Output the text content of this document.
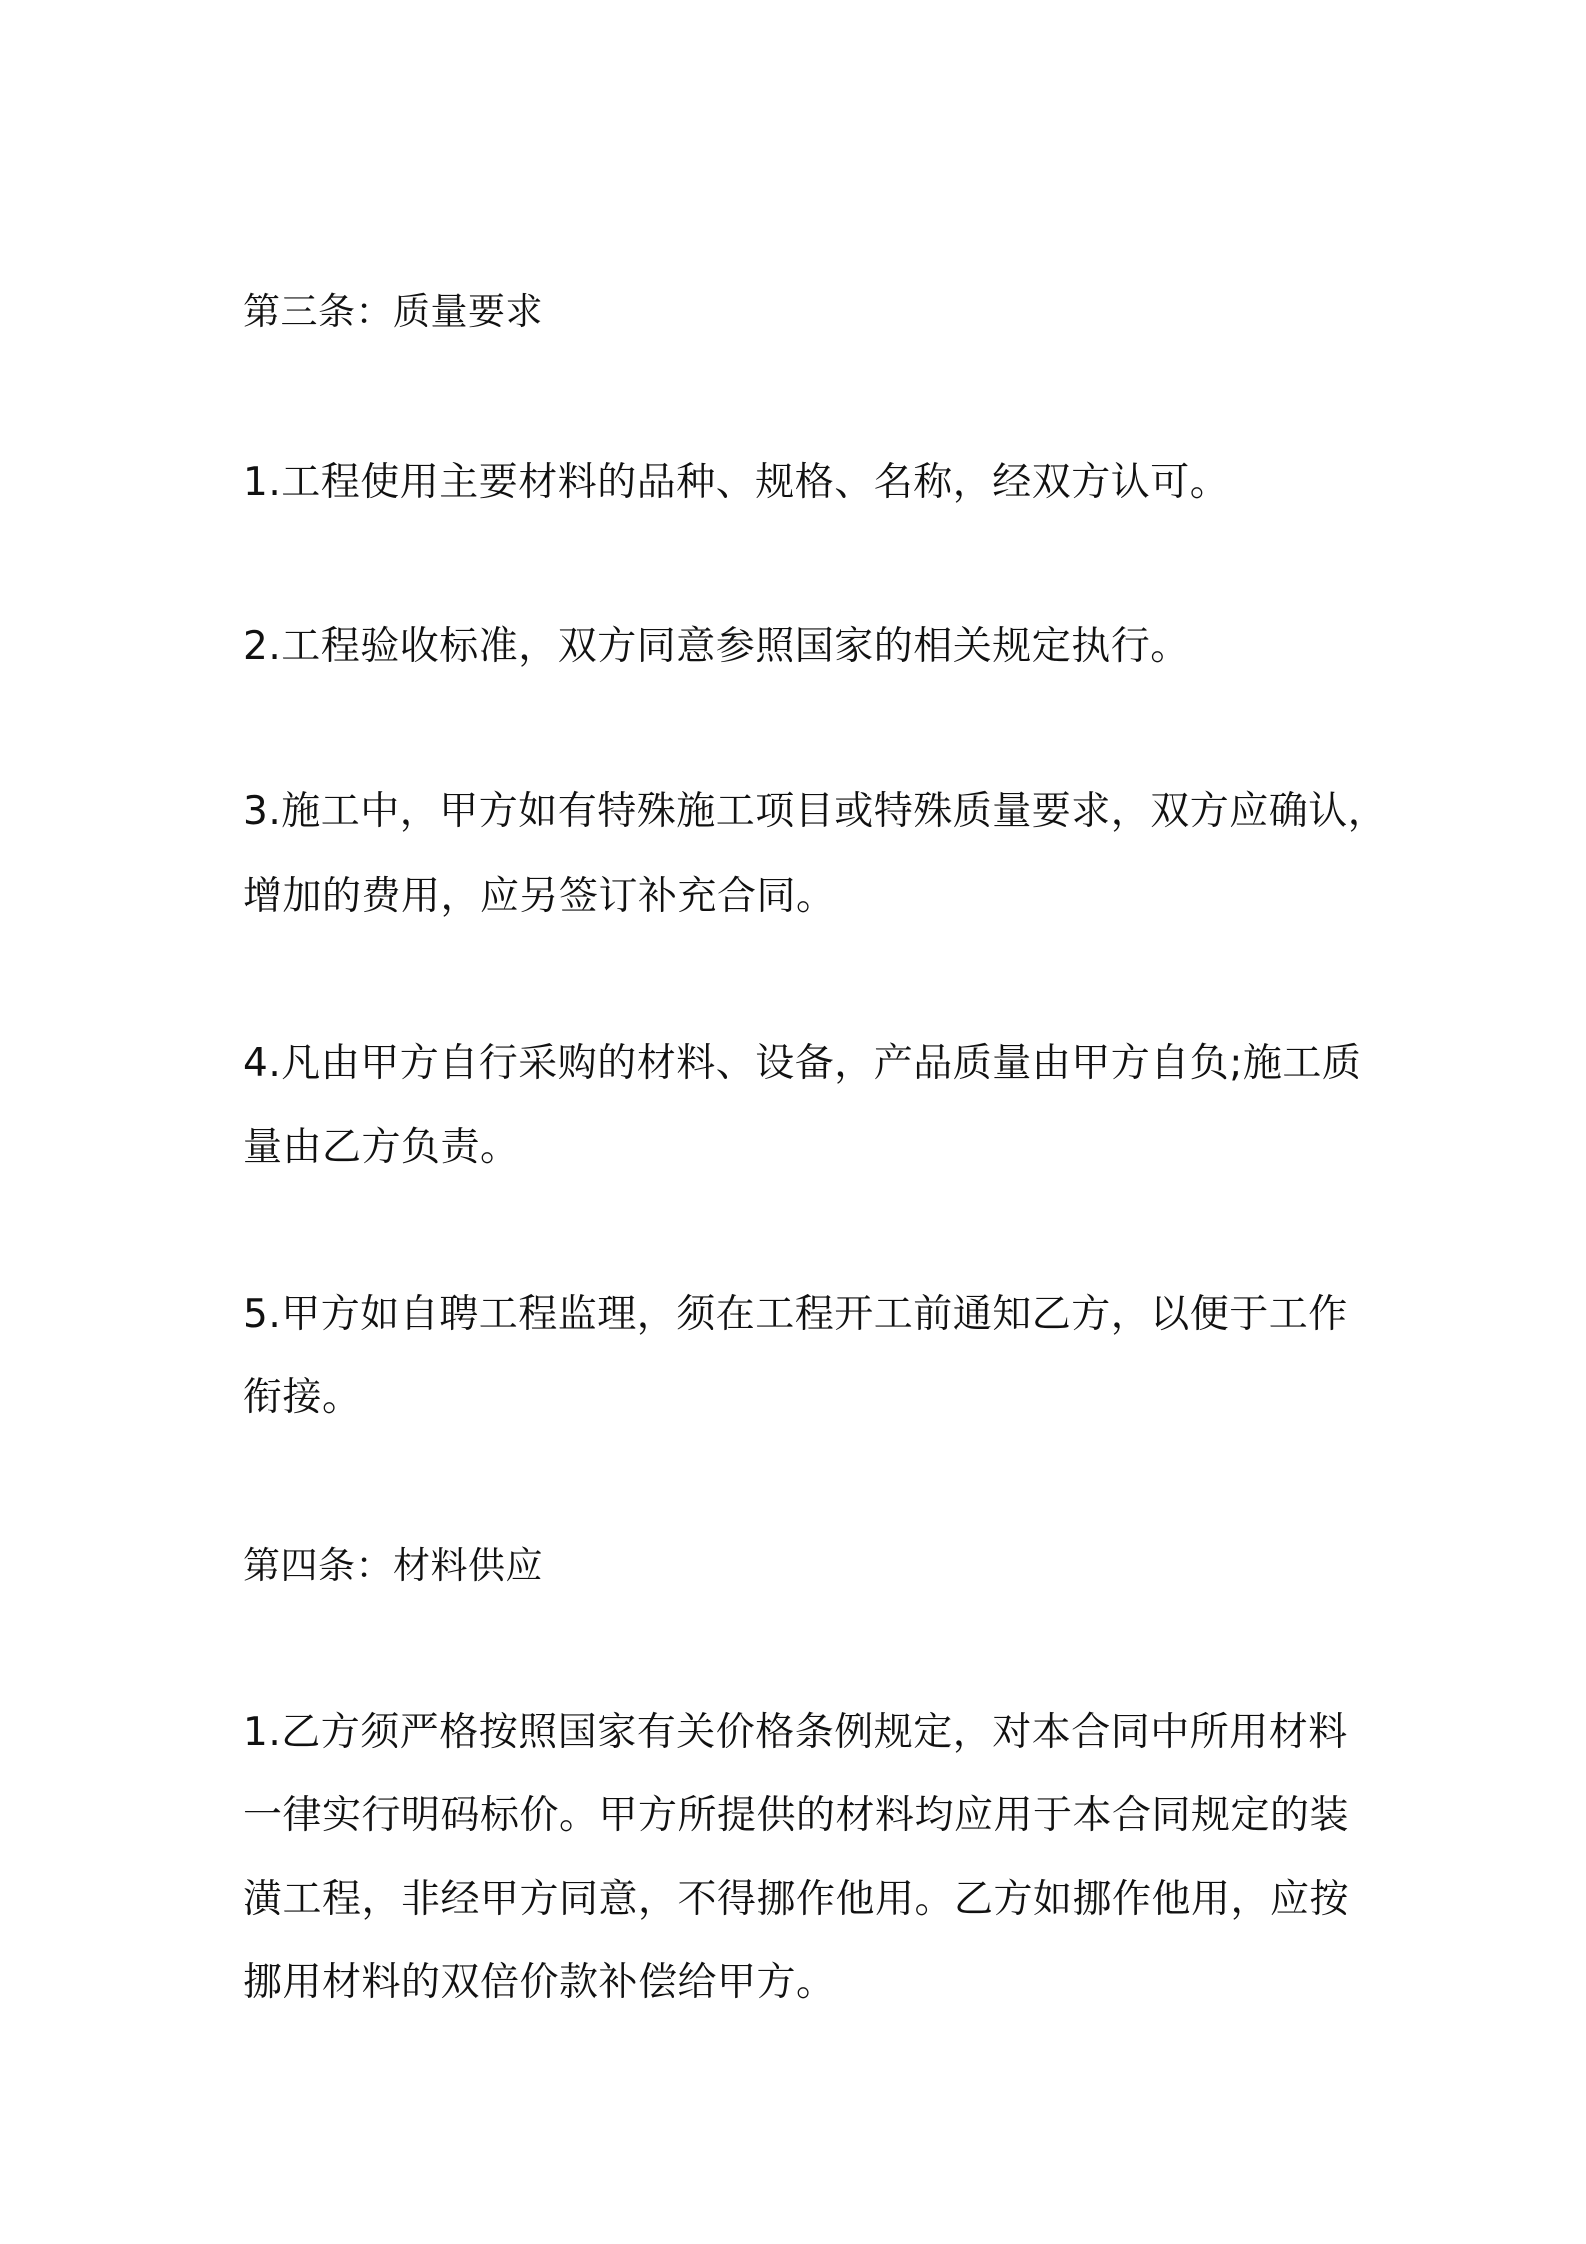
第三条：质量要求
1.工程使用主要材料的品种、规格、名称，经双方认可。
2.工程验收标准，双方同意参照国家的相关规定执行。
3.施工中，甲方如有特殊施工项目或特殊质量要求，双方应确认，
增加的费用，应另签订补充合同。
4.凡由甲方自行采购的材料、设备，产品质量由甲方自负;施工质
量由乙方负责。
5.甲方如自聘工程监理，须在工程开工前通知乙方，以便于工作
衔接。
第四条：材料供应
1.乙方须严格按照国家有关价格条例规定，对本合同中所用材料
一律实行明码标价。甲方所提供的材料均应用于本合同规定的装
潢工程，非经甲方同意，不得挪作他用。乙方如挪作他用，应按
挪用材料的双倍价款补偿给甲方。
